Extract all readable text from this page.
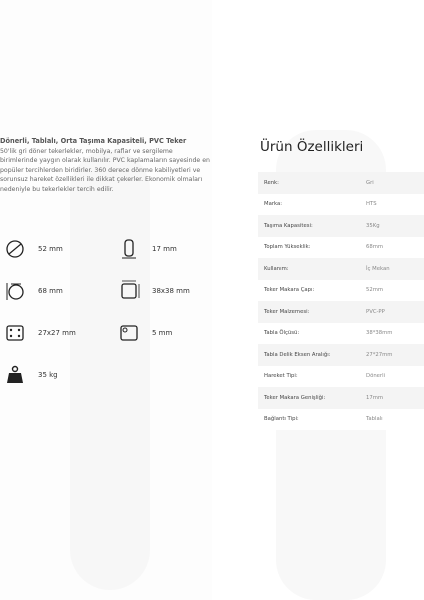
Dönerli, Tablalı, Orta Taşıma Kapasiteli, PVC Teker
50'lik gri döner tekerlekler, mobilya, raflar ve sergileme birimlerinde yaygın olarak kullanılır. PVC kaplamaların sayesinde en popüler tercihlerden biridirler. 360 derece dönme kabiliyetleri ve sorunsuz hareket özellikleri ile dikkat çekerler. Ekonomik olmaları nedeniyle bu tekerlekler tercih edilir.
52 mm	17 mm
68 mm	38x38 mm
27x27 mm	5 mm
35 kg
Ürün Özellikleri
Renk:	Gri
Marka:	HTS
Taşıma Kapasitesi:	35Kg
Toplam Yükseklik:	68mm
Kullanım:	İç Mekan
Teker Makara Çapı:	52mm
Teker Malzemesi:	PVC-PP
Tabla Ölçüsü:	38*38mm
Tabla Delik Eksen Aralığı:	27*27mm
Hareket Tipi:	Dönerli
Teker Makara Genişliği:	17mm
Bağlantı Tipi:	Tablalı
